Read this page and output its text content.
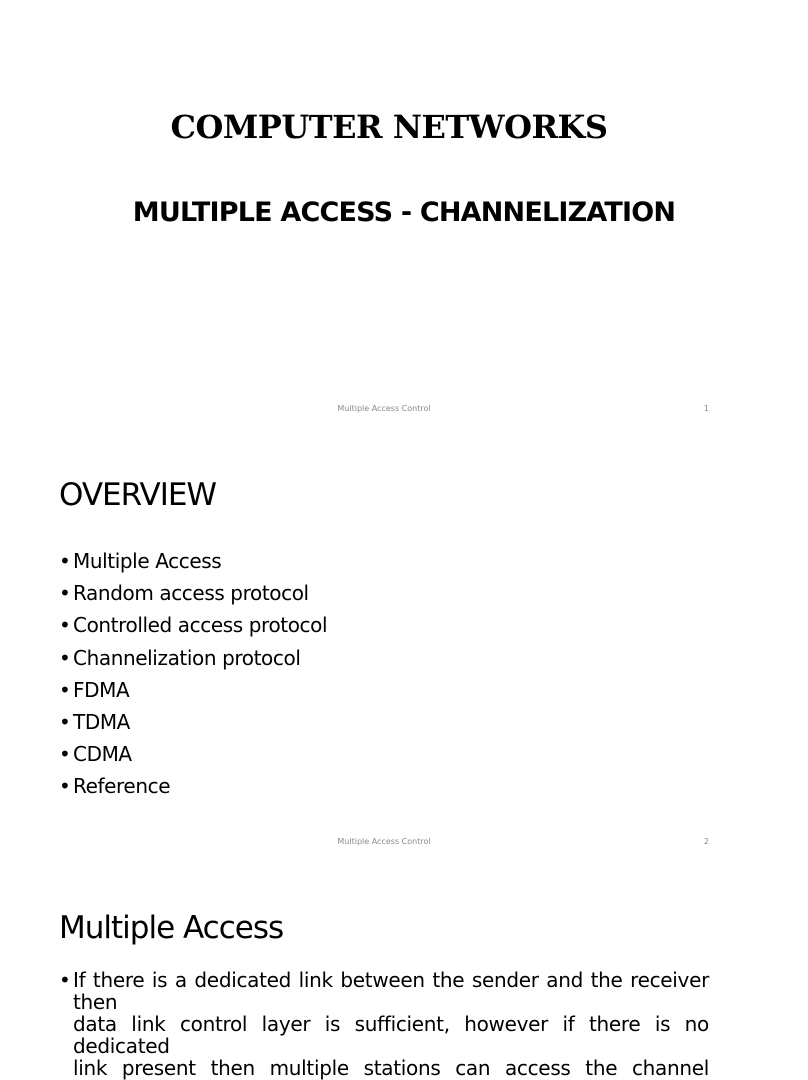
COMPUTER NETWORKS
MULTIPLE ACCESS - CHANNELIZATION
Multiple Access Control	1
OVERVIEW
• Multiple Access
• Random access protocol
• Controlled access protocol
• Channelization protocol
• FDMA
• TDMA
• CDMA
• Reference
Multiple Access Control	2
Multiple Access
• If there is a dedicated link between the sender and the receiver then
data link control layer is sufficient, however if there is no dedicated
link present then multiple stations can access the channel
